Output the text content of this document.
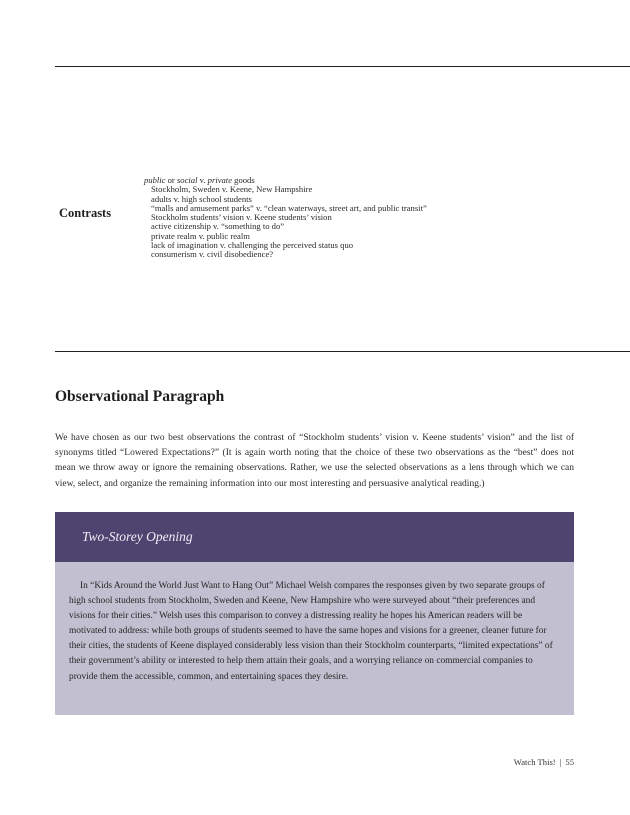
Contrasts
public or social v. private goods
Stockholm, Sweden v. Keene, New Hampshire
adults v. high school students
“malls and amusement parks” v. “clean waterways, street art, and public transit”
Stockholm students’ vision v. Keene students’ vision
active citizenship v. “something to do”
private realm v. public realm
lack of imagination v. challenging the perceived status quo
consumerism v. civil disobedience?
Observational Paragraph

We have chosen as our two best observations the contrast of “Stockholm students’ vision v. Keene students’ vision” and the list of synonyms titled “Lowered Expectations?” (It is again worth noting that the choice of these two observations as the “best” does not mean we throw away or ignore the remaining observations. Rather, we use the selected observations as a lens through which we can view, select, and organize the remaining information into our most interesting and persuasive analytical reading.)

Two-Storey Opening

In “Kids Around the World Just Want to Hang Out” Michael Welsh compares the responses given by two separate groups of high school students from Stockholm, Sweden and Keene, New Hampshire who were surveyed about “their preferences and visions for their cities.” Welsh uses this comparison to convey a distressing reality he hopes his American readers will be motivated to address: while both groups of students seemed to have the same hopes and visions for a greener, cleaner future for their cities, the students of Keene displayed considerably less vision than their Stockholm counterparts, “limited expectations” of their government’s ability or interested to help them attain their goals, and a worrying reliance on commercial companies to provide them the accessible, common, and entertaining spaces they desire.

Watch This! | 55
